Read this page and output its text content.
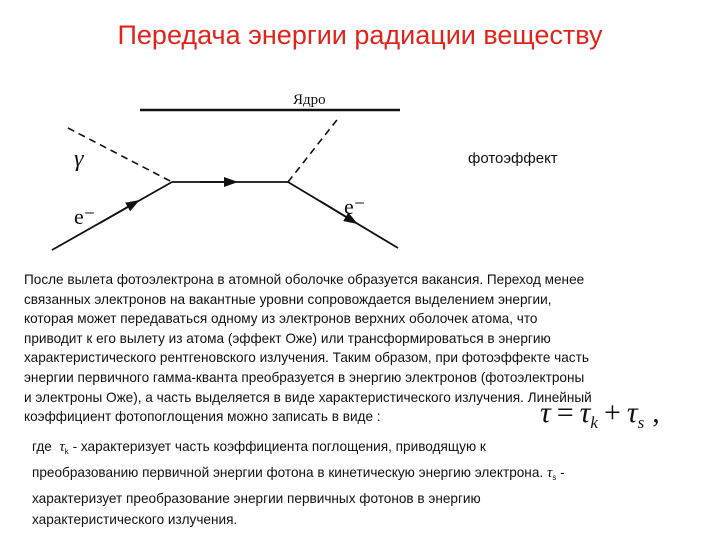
Передача энергии радиации веществу
Ядро
γ
e⁻	e⁻
фотоэффект
После вылета фотоэлектрона в атомной оболочке образуется вакансия. Переход менее
связанных электронов на вакантные уровни сопровождается выделением энергии,
которая может передаваться одному из электронов верхних оболочек атома, что
приводит к его вылету из атома (эффект Оже) или трансформироваться в энергию
характеристического рентгеновского излучения. Таким образом, при фотоэффекте часть
энергии первичного гамма-кванта преобразуется в энергию электронов (фотоэлектроны
и электроны Оже), а часть выделяется в виде характеристического излучения. Линейный
коэффициент фотопоглощения можно записать в виде :	$\tau = \tau_k + \tau_s$ ,
где $\tau_k$ - характеризует часть коэффициента поглощения, приводящую к
преобразованию первичной энергии фотона в кинетическую энергию электрона. $\tau_s$ -
характеризует преобразование энергии первичных фотонов в энергию
характеристического излучения.
